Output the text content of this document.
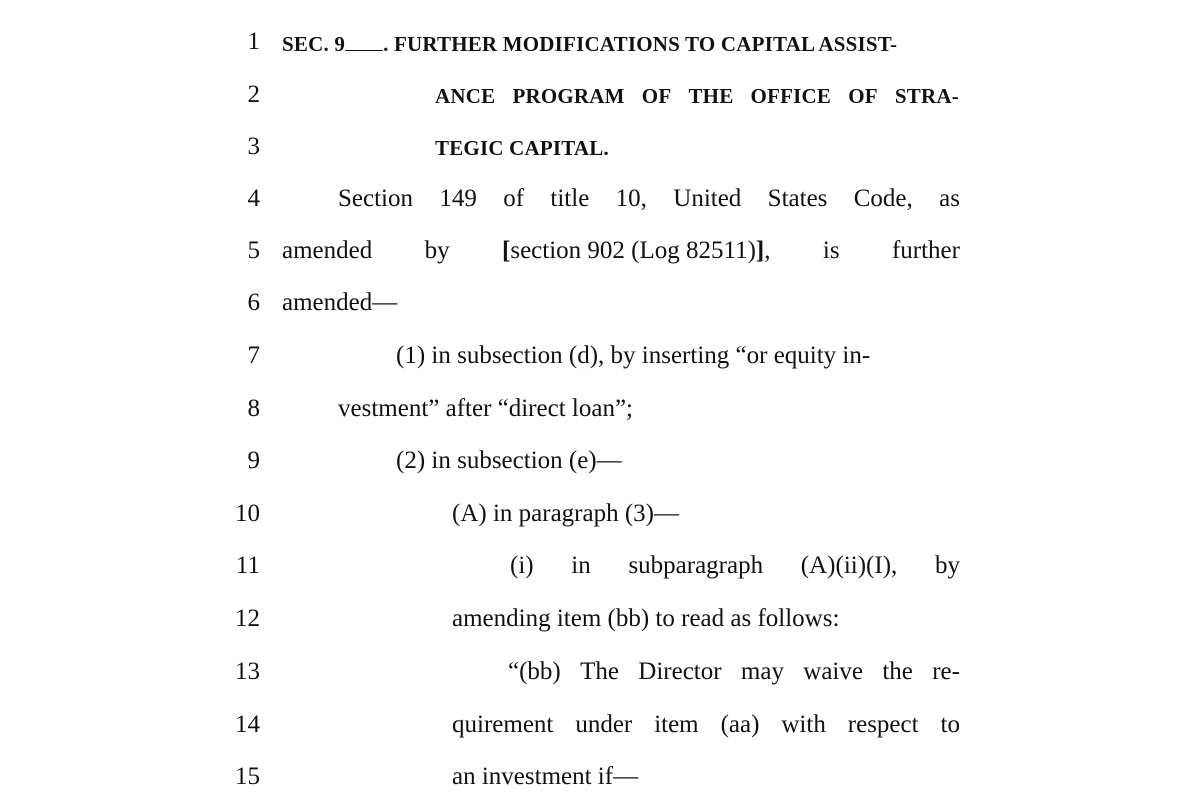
1
2
3
4
5
6
7
8
9
10
11
12
13
14
15
SEC. 9 . FURTHER MODIFICATIONS TO CAPITAL ASSIST-
ANCE PROGRAM OF THE OFFICE OF STRA-
TEGIC CAPITAL.
Section 149 of title 10, United States Code, as
amended by [section 902 (Log 82511)], is further
amended—
(1) in subsection (d), by inserting “or equity in-
vestment” after “direct loan”;
(2) in subsection (e)—
(A) in paragraph (3)—
(i) in subparagraph (A)(ii)(I), by
amending item (bb) to read as follows:
“(bb) The Director may waive the re-
quirement under item (aa) with respect to
an investment if—
